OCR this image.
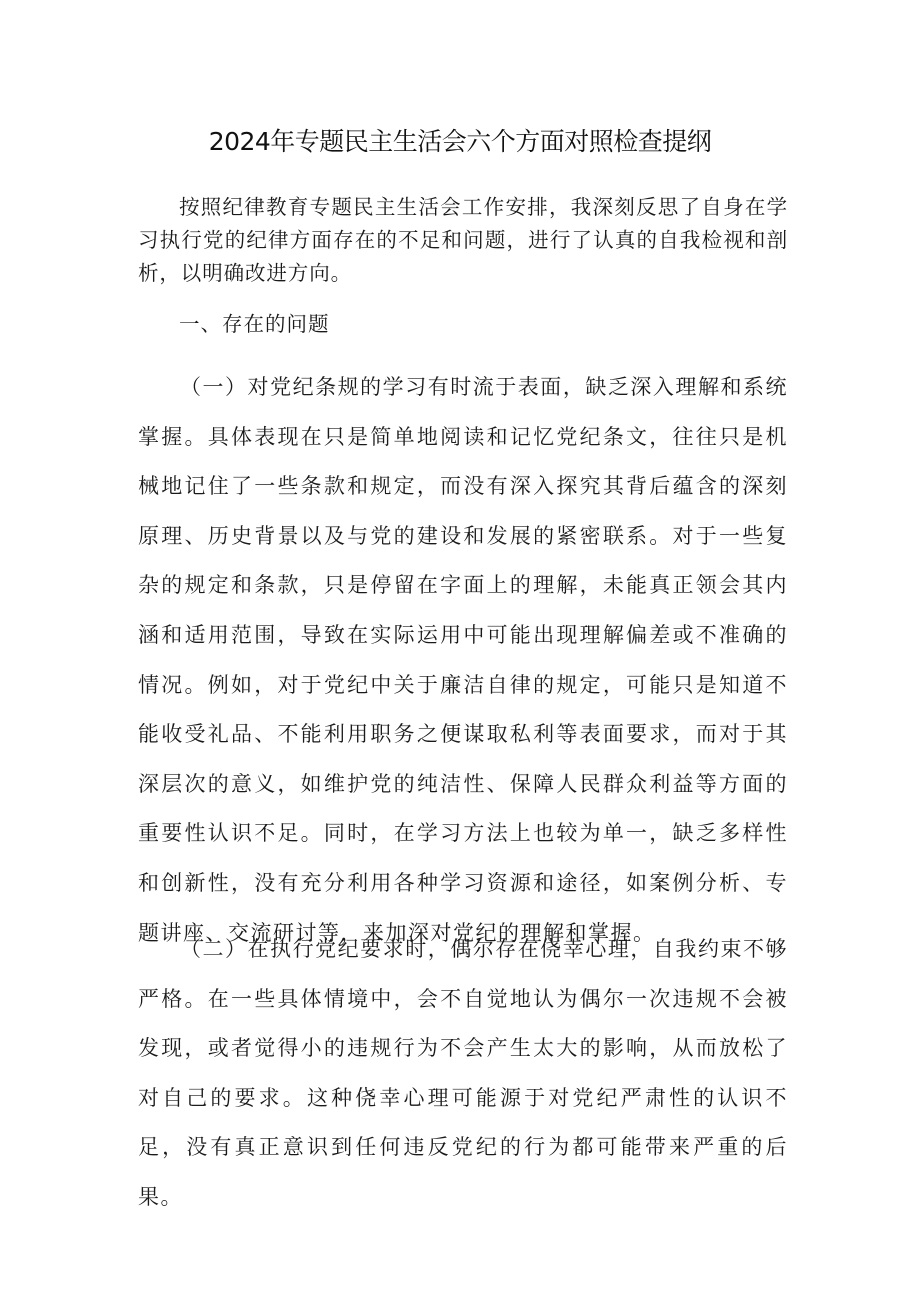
2024年专题民主生活会六个方面对照检查提纲

按照纪律教育专题民主生活会工作安排，我深刻反思了自身在学习执行党的纪律方面存在的不足和问题，进行了认真的自我检视和剖析，以明确改进方向。

一、存在的问题

（一）对党纪条规的学习有时流于表面，缺乏深入理解和系统掌握。具体表现在只是简单地阅读和记忆党纪条文，往往只是机械地记住了一些条款和规定，而没有深入探究其背后蕴含的深刻原理、历史背景以及与党的建设和发展的紧密联系。对于一些复杂的规定和条款，只是停留在字面上的理解，未能真正领会其内涵和适用范围，导致在实际运用中可能出现理解偏差或不准确的情况。例如，对于党纪中关于廉洁自律的规定，可能只是知道不能收受礼品、不能利用职务之便谋取私利等表面要求，而对于其深层次的意义，如维护党的纯洁性、保障人民群众利益等方面的重要性认识不足。同时，在学习方法上也较为单一，缺乏多样性和创新性，没有充分利用各种学习资源和途径，如案例分析、专题讲座、交流研讨等，来加深对党纪的理解和掌握。

（二）在执行党纪要求时，偶尔存在侥幸心理，自我约束不够严格。在一些具体情境中，会不自觉地认为偶尔一次违规不会被发现，或者觉得小的违规行为不会产生太大的影响，从而放松了对自己的要求。这种侥幸心理可能源于对党纪严肃性的认识不足，没有真正意识到任何违反党纪的行为都可能带来严重的后果。
